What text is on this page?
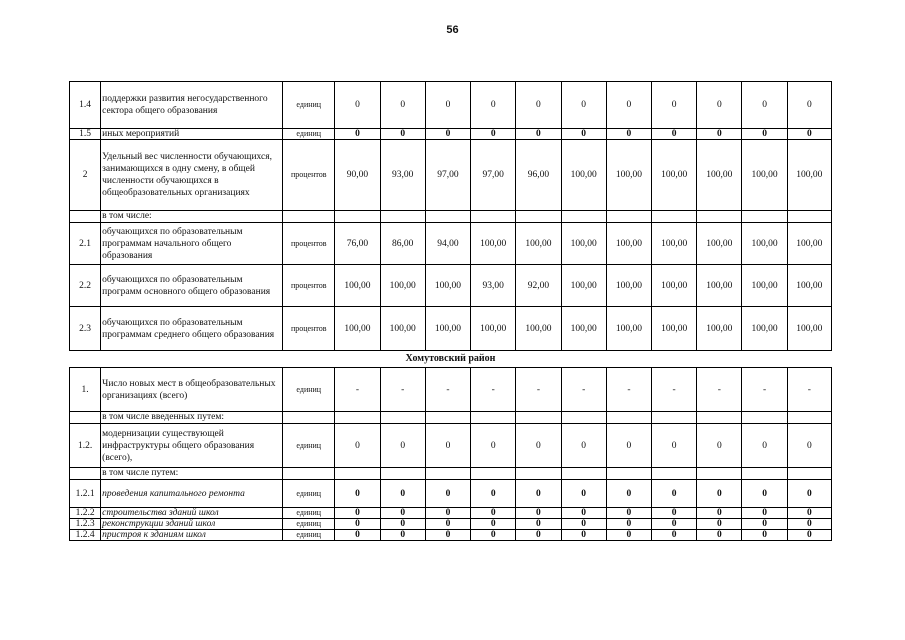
56
1.4	поддержки развития негосударственного сектора общего образования	единиц	0	0	0	0	0	0	0	0	0	0	0
1.5	иных мероприятий	единиц	0	0	0	0	0	0	0	0	0	0	0
2	Удельный вес численности обучающихся, занимающихся в одну смену, в общей численности обучающихся в общеобразовательных организациях	процентов	90,00	93,00	97,00	97,00	96,00	100,00	100,00	100,00	100,00	100,00	100,00
	в том числе:												
2.1	обучающихся по образовательным программам начального общего образования	процентов	76,00	86,00	94,00	100,00	100,00	100,00	100,00	100,00	100,00	100,00	100,00
2.2	обучающихся по образовательным программ основного общего образования	процентов	100,00	100,00	100,00	93,00	92,00	100,00	100,00	100,00	100,00	100,00	100,00
2.3	обучающихся по образовательным программам среднего общего образования	процентов	100,00	100,00	100,00	100,00	100,00	100,00	100,00	100,00	100,00	100,00	100,00
Хомутовский район
1.	Число новых мест в общеобразовательных организациях (всего)	единиц	-	-	-	-	-	-	-	-	-	-	-
	в том числе введенных путем:												
1.2.	модернизации существующей инфраструктуры общего образования (всего),	единиц	0	0	0	0	0	0	0	0	0	0	0
	в том числе путем:												
1.2.1	проведения капитального ремонта	единиц	0	0	0	0	0	0	0	0	0	0	0
1.2.2	строительства зданий школ	единиц	0	0	0	0	0	0	0	0	0	0	0
1.2.3	реконструкции зданий школ	единиц	0	0	0	0	0	0	0	0	0	0	0
1.2.4	пристроя к зданиям школ	единиц	0	0	0	0	0	0	0	0	0	0	0
